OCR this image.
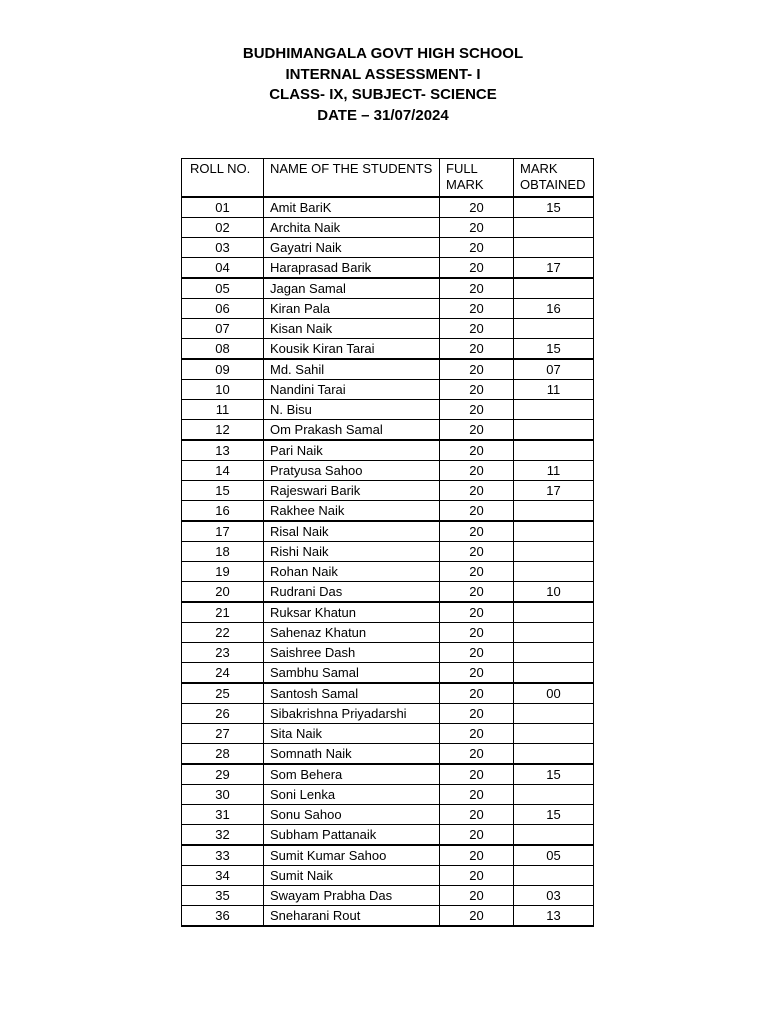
BUDHIMANGALA GOVT HIGH SCHOOL
INTERNAL ASSESSMENT- I
CLASS- IX, SUBJECT- SCIENCE
DATE – 31/07/2024
ROLL NO.	NAME OF THE STUDENTS	FULL MARK	MARK OBTAINED
01	Amit BariK	20	15
02	Archita Naik	20	
03	Gayatri Naik	20	
04	Haraprasad Barik	20	17
05	Jagan Samal	20	
06	Kiran Pala	20	16
07	Kisan Naik	20	
08	Kousik Kiran Tarai	20	15
09	Md. Sahil	20	07
10	Nandini Tarai	20	11
11	N. Bisu	20	
12	Om Prakash Samal	20	
13	Pari Naik	20	
14	Pratyusa Sahoo	20	11
15	Rajeswari Barik	20	17
16	Rakhee Naik	20	
17	Risal Naik	20	
18	Rishi Naik	20	
19	Rohan Naik	20	
20	Rudrani Das	20	10
21	Ruksar Khatun	20	
22	Sahenaz Khatun	20	
23	Saishree Dash	20	
24	Sambhu Samal	20	
25	Santosh Samal	20	00
26	Sibakrishna Priyadarshi	20	
27	Sita Naik	20	
28	Somnath Naik	20	
29	Som Behera	20	15
30	Soni Lenka	20	
31	Sonu Sahoo	20	15
32	Subham Pattanaik	20	
33	Sumit Kumar Sahoo	20	05
34	Sumit Naik	20	
35	Swayam Prabha Das	20	03
36	Sneharani Rout	20	13
